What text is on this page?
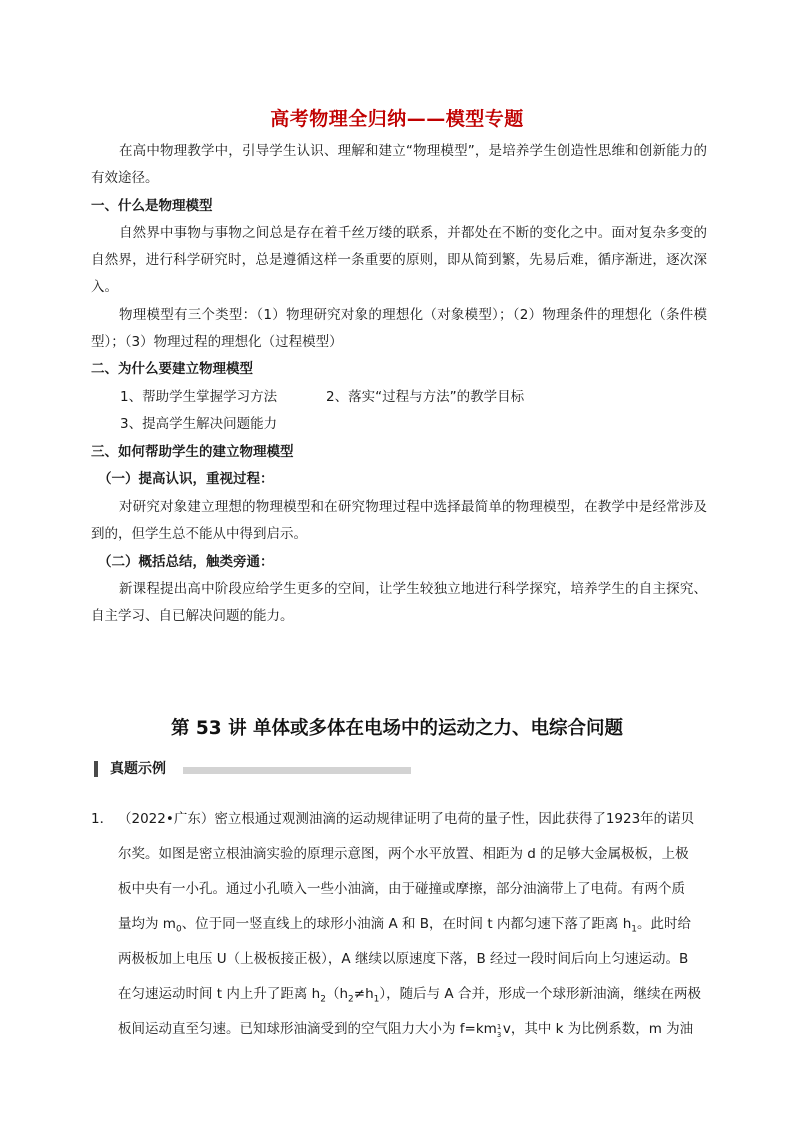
高考物理全归纳——模型专题

在高中物理教学中，引导学生认识、理解和建立“物理模型”，是培养学生创造性思维和创新能力的有效途径。

一、什么是物理模型

自然界中事物与事物之间总是存在着千丝万缕的联系，并都处在不断的变化之中。面对复杂多变的自然界，进行科学研究时，总是遵循这样一条重要的原则，即从简到繁，先易后难，循序渐进，逐次深入。

物理模型有三个类型：（1）物理研究对象的理想化（对象模型）；（2）物理条件的理想化（条件模型）；（3）物理过程的理想化（过程模型）

二、为什么要建立物理模型
1、帮助学生掌握学习方法	2、落实“过程与方法”的教学目标
3、提高学生解决问题能力
三、如何帮助学生的建立物理模型
（一）提高认识，重视过程：

对研究对象建立理想的物理模型和在研究物理过程中选择最简单的物理模型，在教学中是经常涉及到的，但学生总不能从中得到启示。

（二）概括总结，触类旁通：

新课程提出高中阶段应给学生更多的空间，让学生较独立地进行科学探究，培养学生的自主探究、自主学习、自已解决问题的能力。

第 53 讲 单体或多体在电场中的运动之力、电综合问题
真题示例
1． （2022•广东）密立根通过观测油滴的运动规律证明了电荷的量子性，因此获得了1923年的诺贝
尔奖。如图是密立根油滴实验的原理示意图，两个水平放置、相距为 d 的足够大金属极板，上极
板中央有一小孔。通过小孔喷入一些小油滴，由于碰撞或摩擦，部分油滴带上了电荷。有两个质
量均为 $m_0$、位于同一竖直线上的球形小油滴 A 和 B，在时间 t 内都匀速下落了距离 $h_1$。此时给
两极板加上电压 U（上极板接正极），A 继续以原速度下落，B 经过一段时间后向上匀速运动。B
在匀速运动时间 t 内上升了距离 $h_2(h_2\ne h_1)$，随后与 A 合并，形成一个球形新油滴，继续在两极
板间运动直至匀速。已知球形油滴受到的空气阻力大小为 f=km 1
3 v，其中 k 为比例系数，m 为油
